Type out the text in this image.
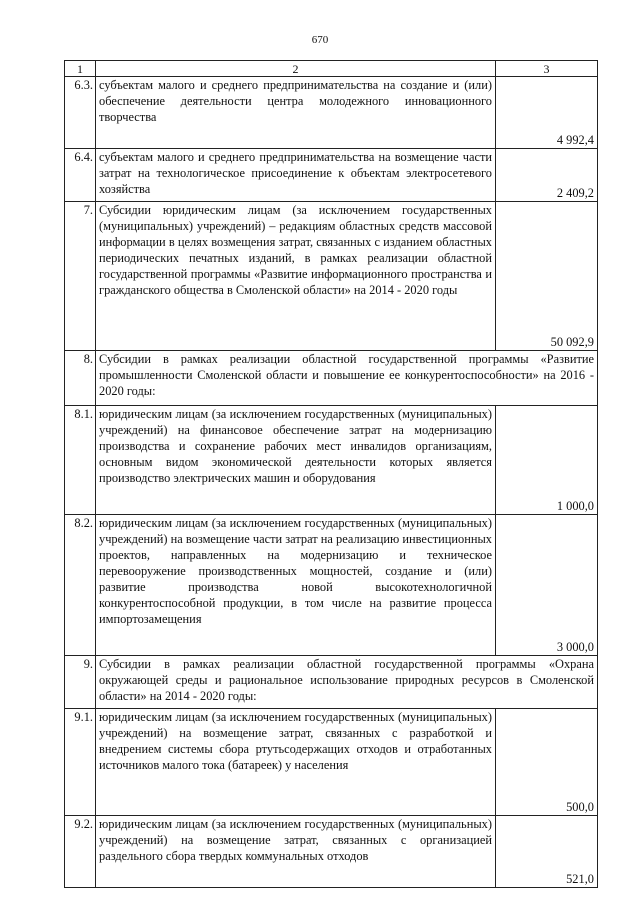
670
1	2	3
6.3.	субъектам малого и среднего предпринимательства на создание и (или) обеспечение деятельности центра молодежного инновационного творчества	4 992,4
6.4.	субъектам малого и среднего предпринимательства на возмещение части затрат на технологическое присоединение к объектам электросетевого хозяйства	2 409,2
7.	Субсидии юридическим лицам (за исключением государственных (муниципальных) учреждений) – редакциям областных средств массовой информации в целях возмещения затрат, связанных с изданием областных периодических печатных изданий, в рамках реализации областной государственной программы «Развитие информационного пространства и гражданского общества в Смоленской области» на 2014 - 2020 годы	50 092,9
8.	Субсидии в рамках реализации областной государственной программы «Развитие промышленности Смоленской области и повышение ее конкурентоспособности» на 2016 - 2020 годы:	
8.1.	юридическим лицам (за исключением государственных (муниципальных) учреждений) на финансовое обеспечение затрат на модернизацию производства и сохранение рабочих мест инвалидов организациям, основным видом экономической деятельности которых является производство электрических машин и оборудования	1 000,0
8.2.	юридическим лицам (за исключением государственных (муниципальных) учреждений) на возмещение части затрат на реализацию инвестиционных проектов, направленных на модернизацию и техническое перевооружение производственных мощностей, создание и (или) развитие производства новой высокотехнологичной конкурентоспособной продукции, в том числе на развитие процесса импортозамещения	3 000,0
9.	Субсидии в рамках реализации областной государственной программы «Охрана окружающей среды и рациональное использование природных ресурсов в Смоленской области» на 2014 - 2020 годы:	
9.1.	юридическим лицам (за исключением государственных (муниципальных) учреждений) на возмещение затрат, связанных с разработкой и внедрением системы сбора ртутьсодержащих отходов и отработанных источников малого тока (батареек) у населения	500,0
9.2.	юридическим лицам (за исключением государственных (муниципальных) учреждений) на возмещение затрат, связанных с организацией раздельного сбора твердых коммунальных отходов	521,0
